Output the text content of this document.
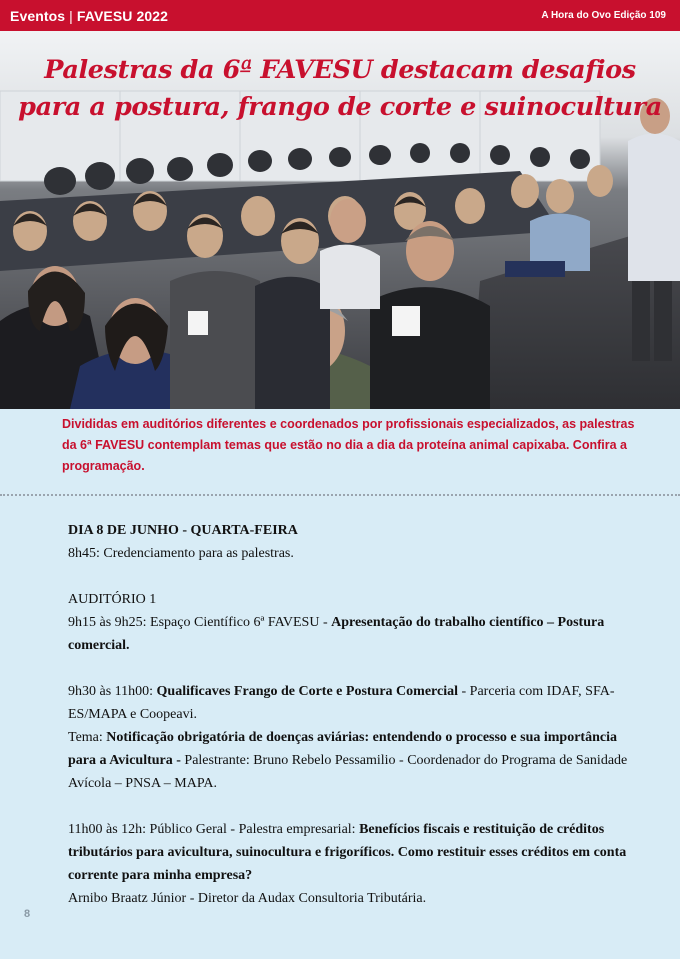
Eventos | FAVESU 2022	A Hora do Ovo Edição 109
Palestras da 6ª FAVESU destacam desafios
para a postura, frango de corte e suinocultura
Divididas em auditórios diferentes e coordenados por profissionais especializados, as palestras da 6ª FAVESU contemplam temas que estão no dia a dia da proteína animal capixaba. Confira a programação.

DIA 8 DE JUNHO - QUARTA-FEIRA

8h45: Credenciamento para as palestras.

AUDITÓRIO 1

9h15 às 9h25: Espaço Científico 6ª FAVESU - Apresentação do trabalho científico – Postura comercial.

9h30 às 11h00: Qualificaves Frango de Corte e Postura Comercial - Parceria com IDAF, SFA-ES/MAPA e Coopeavi.

Tema: Notificação obrigatória de doenças aviárias: entendendo o processo e sua importância para a Avicultura - Palestrante: Bruno Rebelo Pessamilio - Coordenador do Programa de Sanidade Avícola – PNSA – MAPA.

11h00 às 12h: Público Geral - Palestra empresarial: Benefícios fiscais e restituição de créditos tributários para avicultura, suinocultura e frigoríficos. Como restituir esses créditos em conta corrente para minha empresa?

Arnibo Braatz Júnior - Diretor da Audax Consultoria Tributária.

8
